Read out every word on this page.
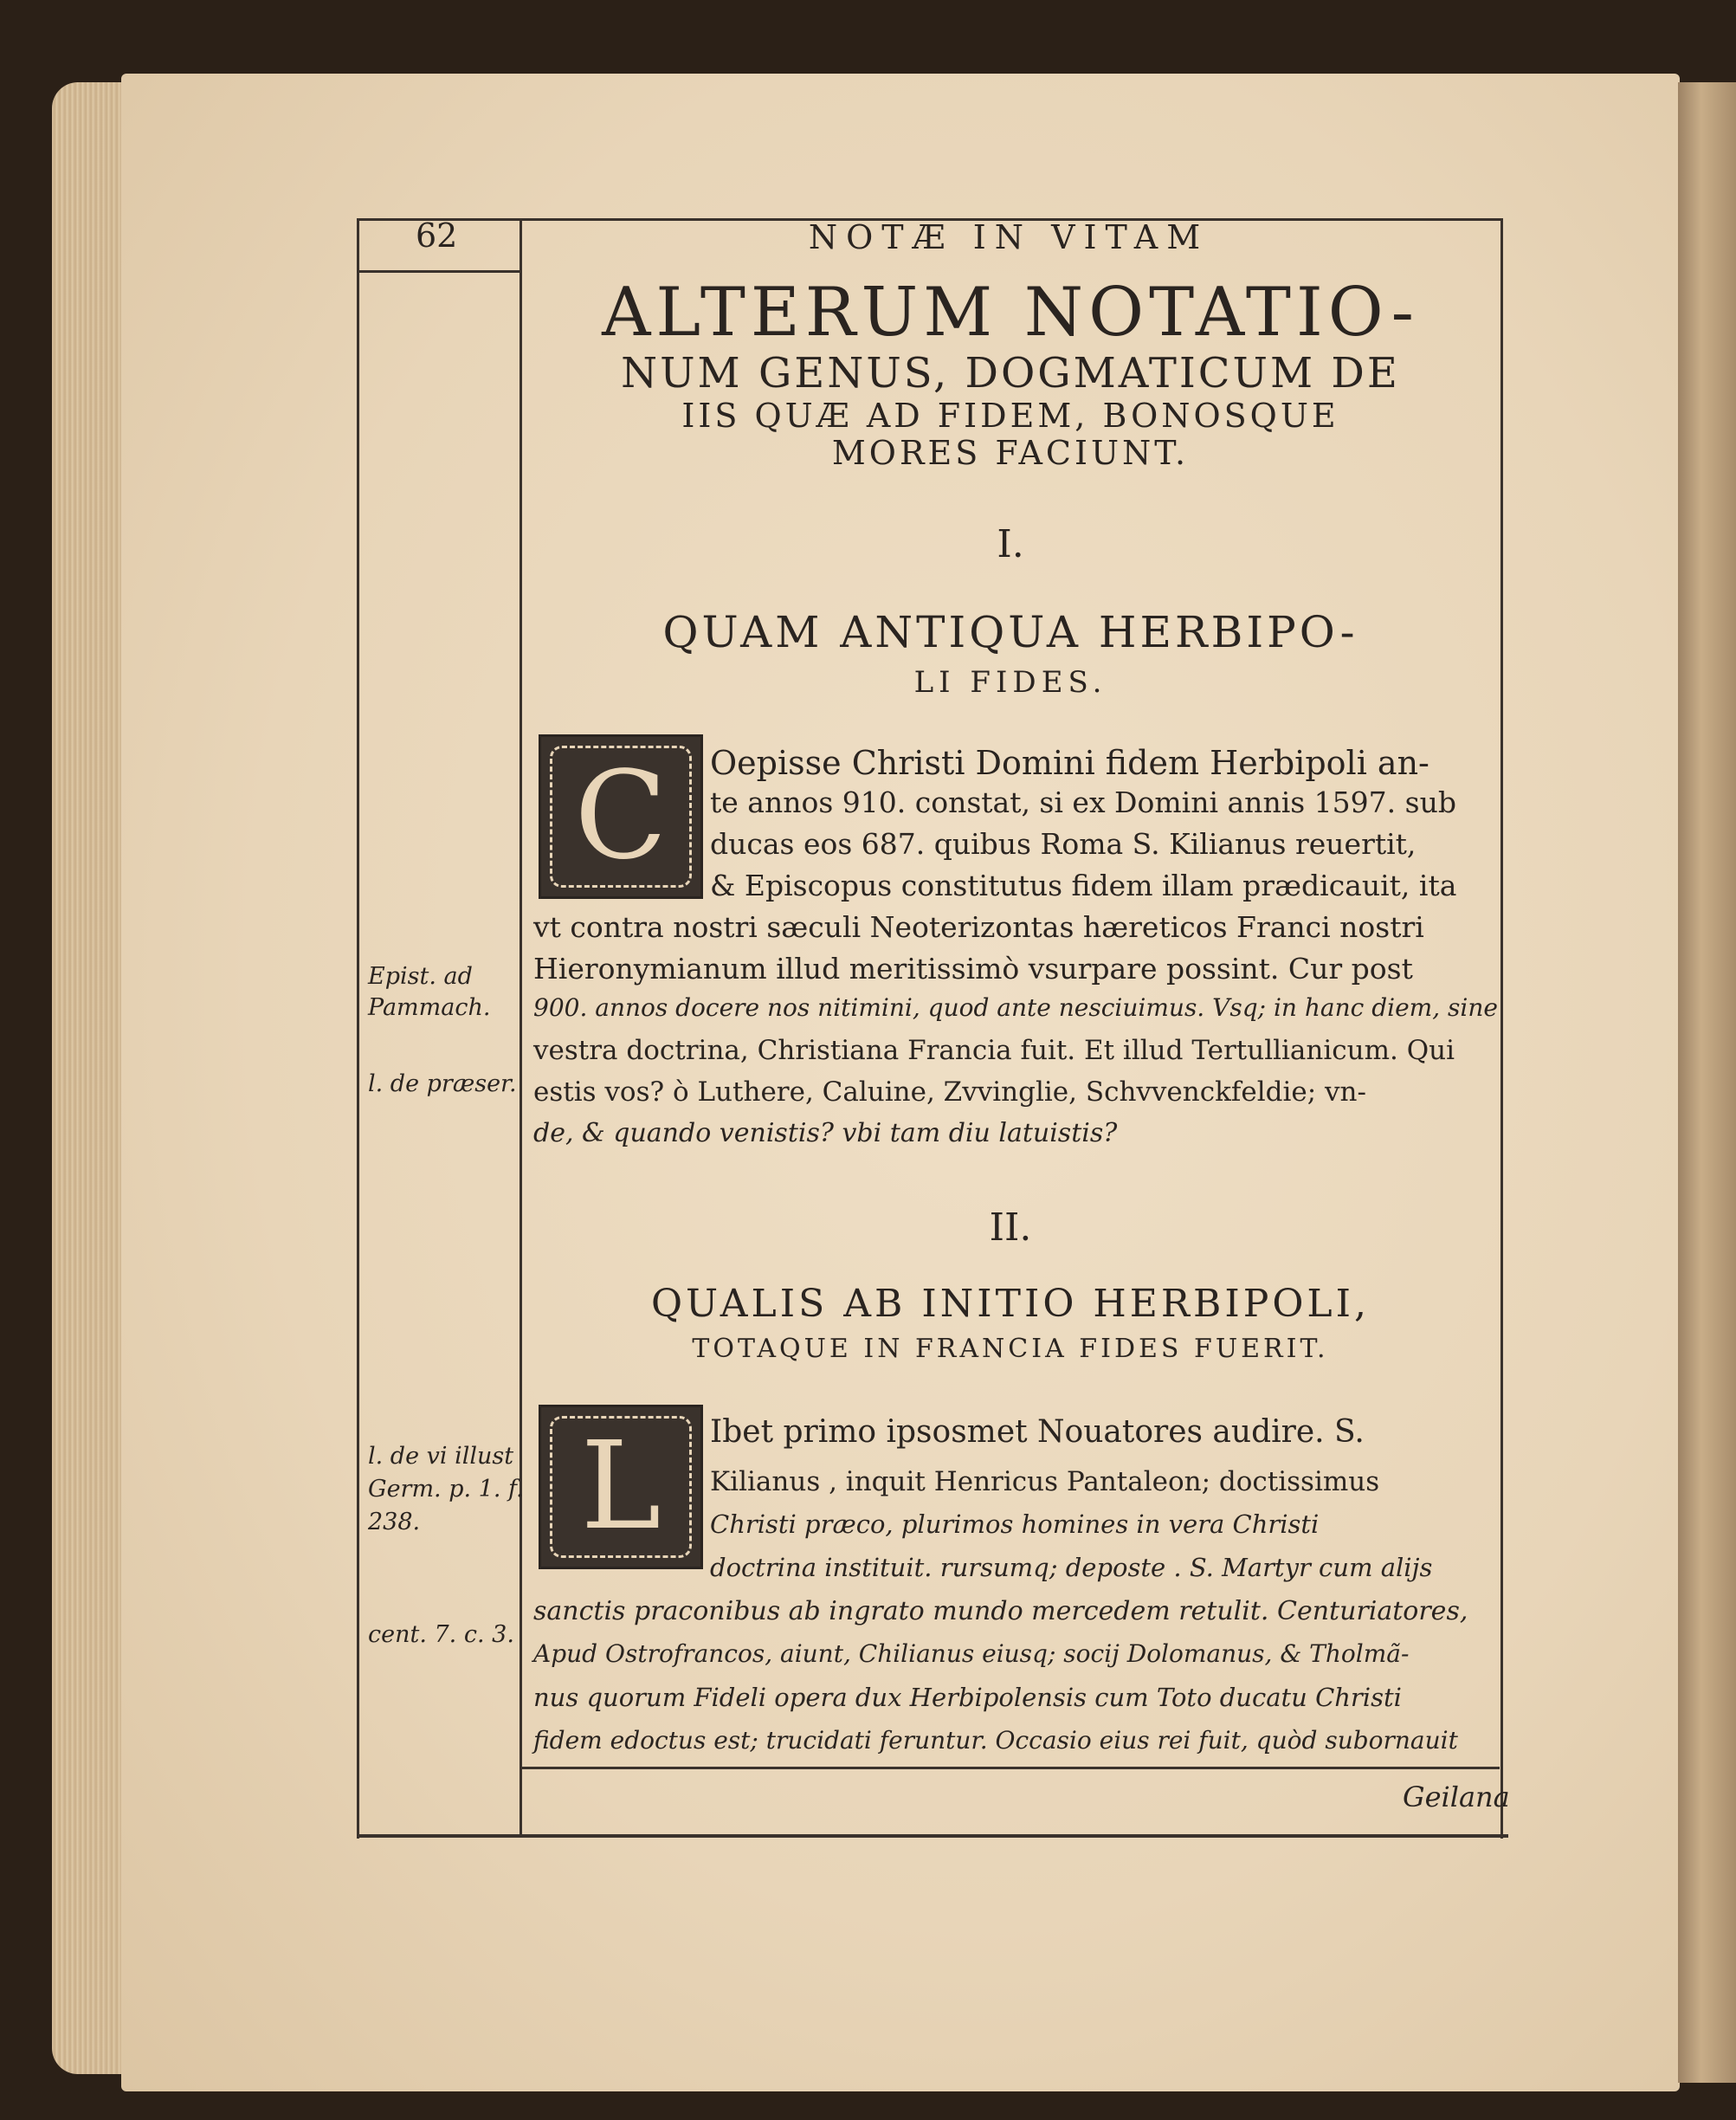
62	NOTÆ IN VITAM
ALTERUM NOTATIO-
NUM GENUS, DOGMATICUM DE
IIS QUÆ AD FIDEM, BONOSQUE
MORES FACIUNT.
I.
QUAM ANTIQUA HERBIPO-
LI FIDES.
C Oepisse Christi Domini fidem Herbipoli an-
te annos 910. constat, si ex Domini annis 1597. sub
ducas eos 687. quibus Roma S. Kilianus reuertit,
& Episcopus constitutus fidem illam prædicauit, ita
vt contra nostri sæculi Neoterizontas hæreticos Franci nostri
Hieronymianum illud meritissimò vsurpare possint. Cur post
900. annos docere nos nitimini, quod ante nesciuimus. Vsq; in hanc diem, sine
vestra doctrina, Christiana Francia fuit. Et illud Tertullianicum. Qui
estis vos? ò Luthere, Caluine, Zvvinglie, Schvvenckfeldie; vn-
de, & quando venistis? vbi tam diu latuistis?
Epist. ad
Pammach.
l. de præser.
II.
QUALIS AB INITIO HERBIPOLI,
TOTAQUE IN FRANCIA FIDES FUERIT.
L Ibet primo ipsosmet Nouatores audire. S.
Kilianus , inquit Henricus Pantaleon; doctissimus
Christi præco, plurimos homines in vera Christi
doctrina instituit. rursumq; deposte . S. Martyr cum alijs
sanctis praconibus ab ingrato mundo mercedem retulit. Centuriatores,
Apud Ostrofrancos, aiunt, Chilianus eiusq; socij Dolomanus, & Tholmã-
nus quorum Fideli opera dux Herbipolensis cum Toto ducatu Christi
fidem edoctus est; trucidati feruntur. Occasio eius rei fuit, quòd subornauit
l. de vi illust
Germ. p. 1. f.
238.
cent. 7. c. 3.
Geilana
